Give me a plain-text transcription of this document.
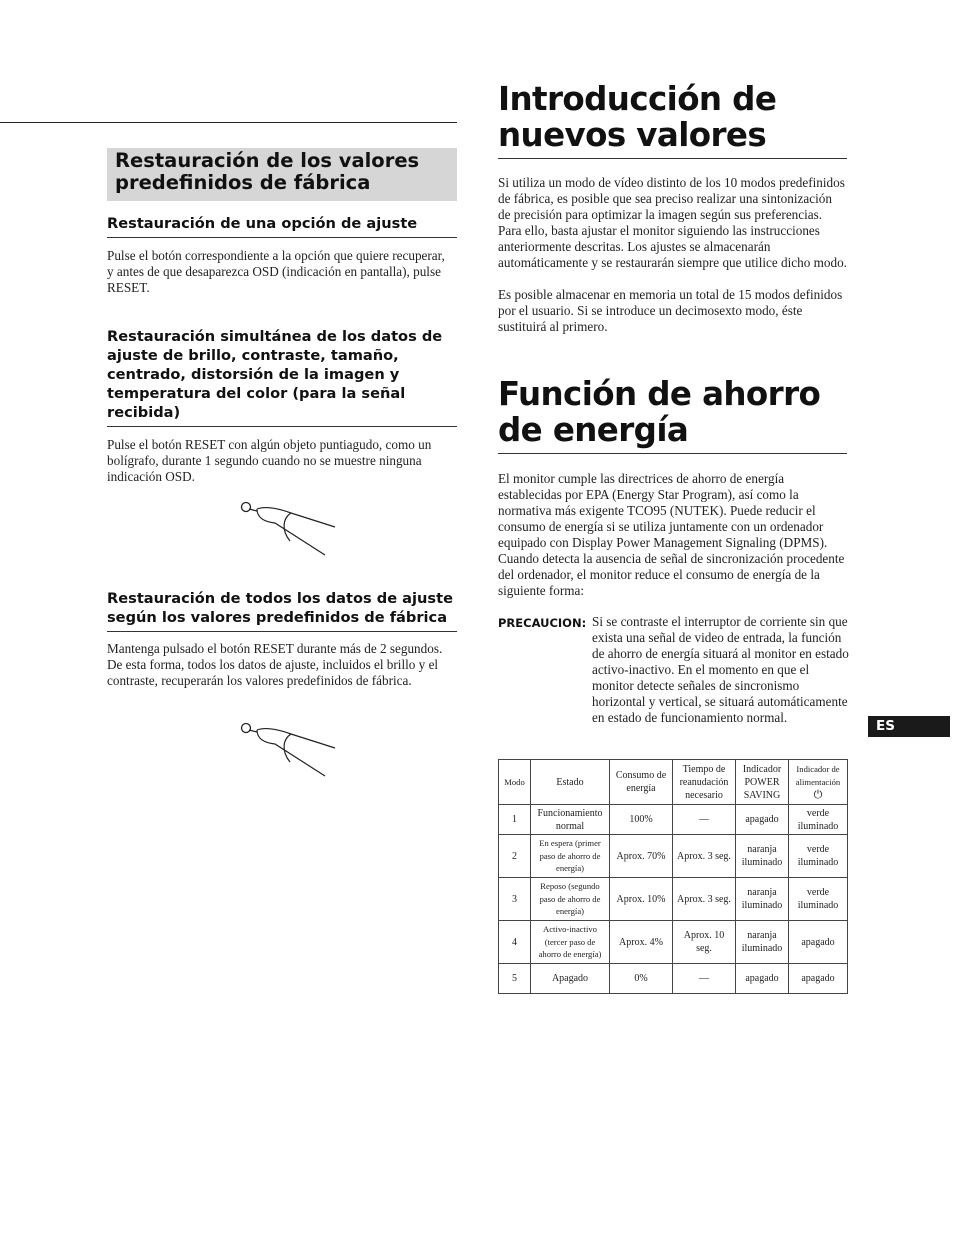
Restauración de los valores predefinidos de fábrica
Restauración de una opción de ajuste

Pulse el botón correspondiente a la opción que quiere recuperar, y antes de que desaparezca OSD (indicación en pantalla), pulse RESET.

Restauración simultánea de los datos de ajuste de brillo, contraste, tamaño, centrado, distorsión de la imagen y temperatura del color (para la señal recibida)

Pulse el botón RESET con algún objeto puntiagudo, como un bolígrafo, durante 1 segundo cuando no se muestre ninguna indicación OSD.

Restauración de todos los datos de ajuste según los valores predefinidos de fábrica

Mantenga pulsado el botón RESET durante más de 2 segundos. De esta forma, todos los datos de ajuste, incluidos el brillo y el contraste, recuperarán los valores predefinidos de fábrica.

Introducción de nuevos valores

Si utiliza un modo de vídeo distinto de los 10 modos predefinidos de fábrica, es posible que sea preciso realizar una sintonización de precisión para optimizar la imagen según sus preferencias. Para ello, basta ajustar el monitor siguiendo las instrucciones anteriormente descritas. Los ajustes se almacenarán automáticamente y se restaurarán siempre que utilice dicho modo.

Es posible almacenar en memoria un total de 15 modos definidos por el usuario. Si se introduce un decimosexto modo, éste sustituirá al primero.

Función de ahorro de energía

El monitor cumple las directrices de ahorro de energía establecidas por EPA (Energy Star Program), así como la normativa más exigente TCO95 (NUTEK). Puede reducir el consumo de energía si se utiliza juntamente con un ordenador equipado con Display Power Management Signaling (DPMS). Cuando detecta la ausencia de señal de sincronización procedente del ordenador, el monitor reduce el consumo de energía de la siguiente forma:

PRECAUCION: Si se contraste el interruptor de corriente sin que exista una señal de video de entrada, la función de ahorro de energía situará al monitor en estado activo-inactivo. En el momento en que el monitor detecte señales de sincronismo horizontal y vertical, se situará automáticamente en estado de funcionamiento normal.

ES
Modo	Estado	Consumo de energía	Tiempo de reanudación necesario	Indicador POWER SAVING	Indicador de alimentación
⏻

1	Funcionamiento normal	100%	—	apagado	verde iluminado
2	En espera (primer paso de ahorro de energía)	Aprox. 70%	Aprox. 3 seg.	naranja iluminado	verde iluminado
3	Reposo (segundo paso de ahorro de energía)	Aprox. 10%	Aprox. 3 seg.	naranja iluminado	verde iluminado
4	Activo-inactivo (tercer paso de ahorro de energía)	Aprox. 4%	Aprox. 10 seg.	naranja iluminado	apagado
5	Apagado	0%	—	apagado	apagado
